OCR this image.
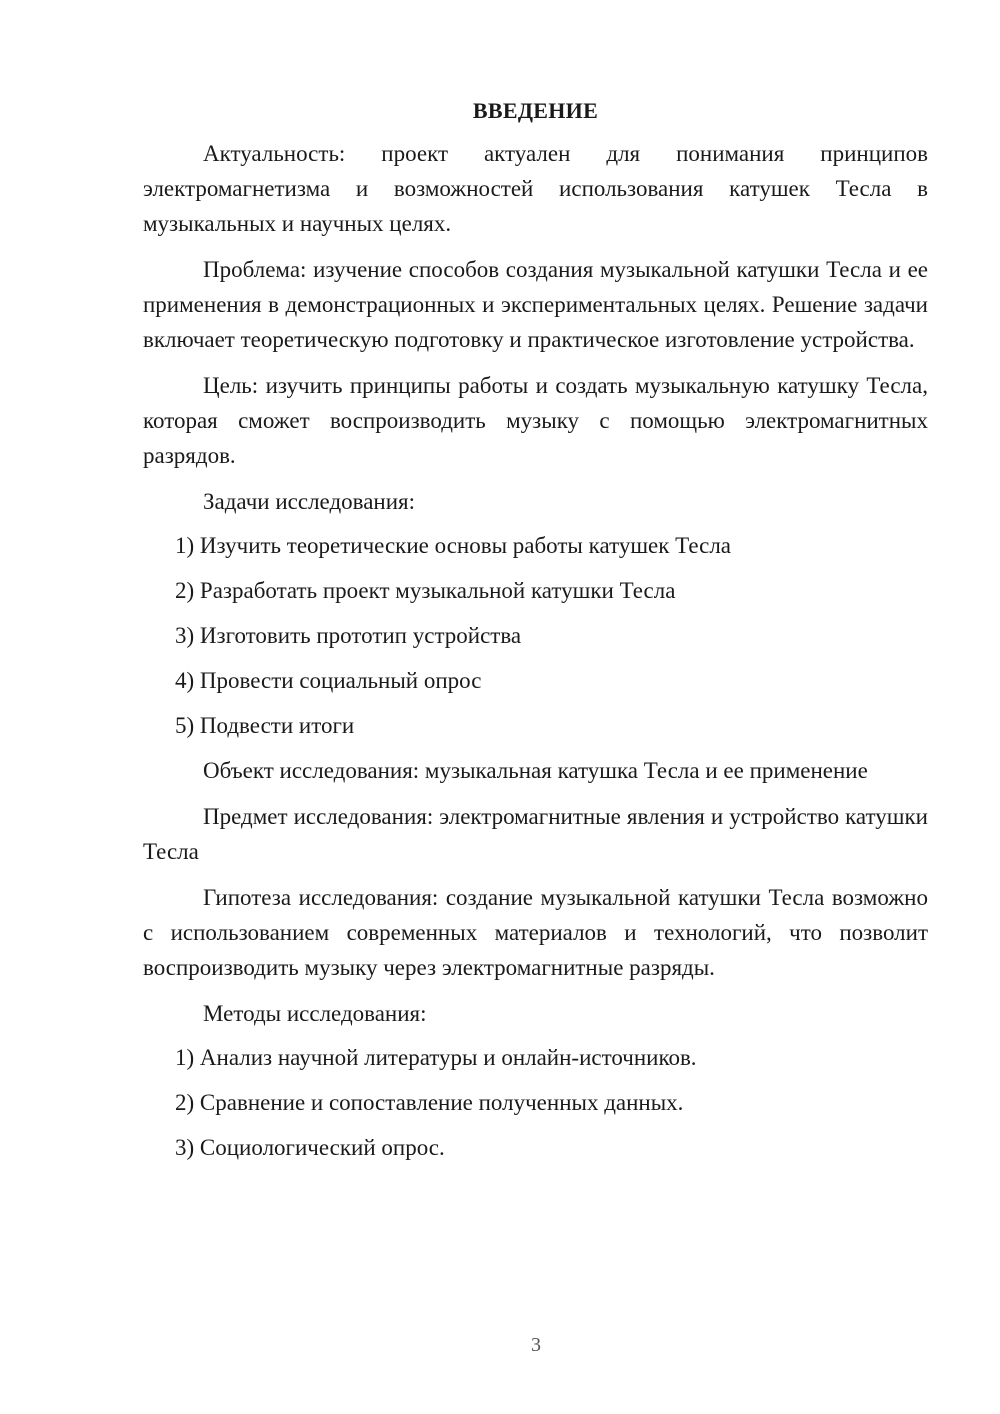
ВВЕДЕНИЕ

Актуальность: проект актуален для понимания принципов электромагнетизма и возможностей использования катушек Тесла в музыкальных и научных целях.

Проблема: изучение способов создания музыкальной катушки Тесла и ее применения в демонстрационных и экспериментальных целях. Решение задачи включает теоретическую подготовку и практическое изготовление устройства.

Цель: изучить принципы работы и создать музыкальную катушку Тесла, которая сможет воспроизводить музыку с помощью электромагнитных разрядов.

Задачи исследования:

1) Изучить теоретические основы работы катушек Тесла
2) Разработать проект музыкальной катушки Тесла
3) Изготовить прототип устройства
4) Провести социальный опрос
5) Подвести итоги

Объект исследования: музыкальная катушка Тесла и ее применение

Предмет исследования: электромагнитные явления и устройство катушки Тесла

Гипотеза исследования: создание музыкальной катушки Тесла возможно с использованием современных материалов и технологий, что позволит воспроизводить музыку через электромагнитные разряды.

Методы исследования:

1) Анализ научной литературы и онлайн-источников.
2) Сравнение и сопоставление полученных данных.
3) Социологический опрос.
3
